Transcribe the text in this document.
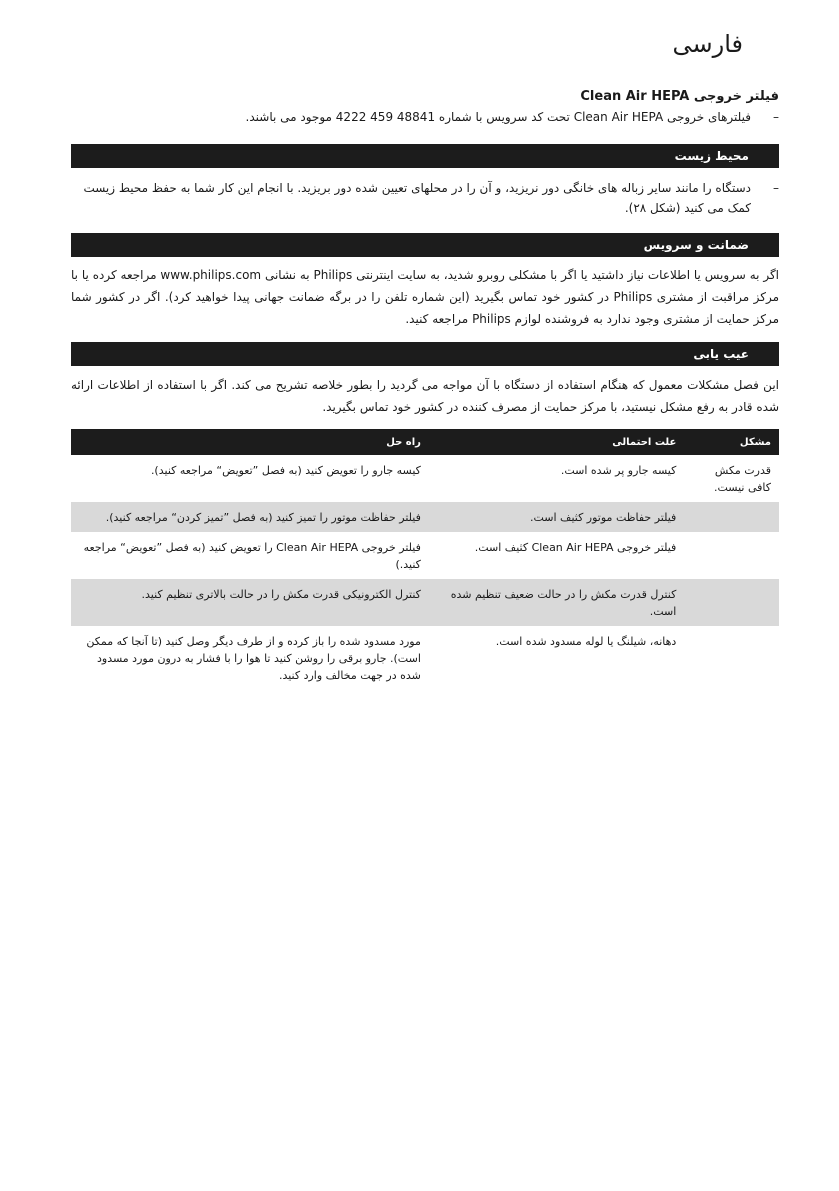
فارسی
فیلتر خروجی Clean Air HEPA
–
فیلترهای خروجی Clean Air HEPA تحت کد سرویس با شماره 48841 459 4222 موجود می باشند.
محیط زیست
–
دستگاه را مانند سایر زباله های خانگی دور نریزید، و آن را در محلهای تعیین شده دور بریزید. با انجام این کار شما به حفظ محیط زیست کمک می کنید (شکل ۲۸).
ضمانت و سرویس
اگر به سرویس یا اطلاعات نیاز داشتید یا اگر با مشکلی روبرو شدید، به سایت اینترنتی Philips به نشانی www.philips.com مراجعه کرده یا با مرکز مراقبت از مشتری Philips در کشور خود تماس بگیرید (این شماره تلفن را در برگه ضمانت جهانی پیدا خواهید کرد). اگر در کشور شما مرکز حمایت از مشتری وجود ندارد به فروشنده لوازم Philips مراجعه کنید.
عیب یابی
این فصل مشکلات معمول که هنگام استفاده از دستگاه با آن مواجه می گردید را بطور خلاصه تشریح می کند. اگر با استفاده از اطلاعات ارائه شده قادر به رفع مشکل نیستید، با مرکز حمایت از مصرف کننده در کشور خود تماس بگیرید.
مشکل	علت احتمالی	راه حل
قدرت مکش کافی نیست.	کیسه جارو پر شده است.	کیسه جارو را تعویض کنید (به فصل ”تعویض“ مراجعه کنید).
	فیلتر حفاظت موتور کثیف است.	فیلتر حفاظت موتور را تمیز کنید (به فصل ”تمیز کردن“ مراجعه کنید).
	فیلتر خروجی Clean Air HEPA کثیف است.	فیلتر خروجی Clean Air HEPA را تعویض کنید (به فصل ”تعویض“ مراجعه کنید.)
	کنترل قدرت مکش را در حالت ضعیف تنظیم شده است.	کنترل الکترونیکی قدرت مکش را در حالت بالاتری تنظیم کنید.
	دهانه، شیلنگ یا لوله مسدود شده است.	مورد مسدود شده را باز کرده و از طرف دیگر وصل کنید (تا آنجا که ممکن است). جارو برقی را روشن کنید تا هوا را با فشار به درون مورد مسدود شده در جهت مخالف وارد کنید.
